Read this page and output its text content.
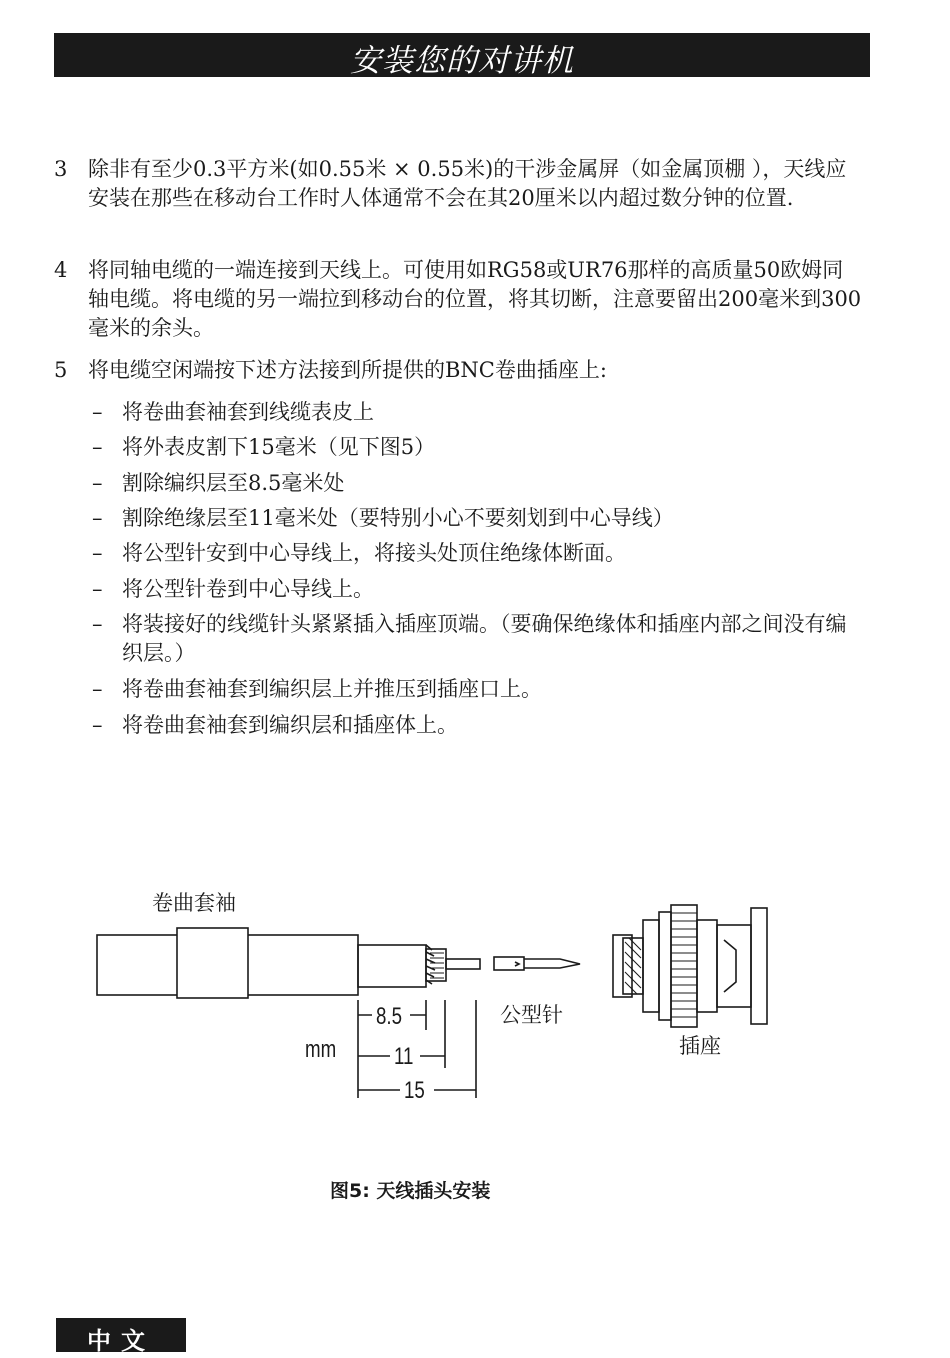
安装您的对讲机
3 除非有至少0.3平方米(如0.55米 × 0.55米)的干涉金属屏（如金属顶棚 ），天线应安装在那些在移动台工作时人体通常不会在其20厘米以内超过数分钟的位置.
4 将同轴电缆的一端连接到天线上。可使用如RG58或UR76那样的高质量50欧姆同轴电缆。将电缆的另一端拉到移动台的位置，将其切断，注意要留出200毫米到300毫米的余头。
5 将电缆空闲端按下述方法接到所提供的BNC卷曲插座上:
– 将卷曲套袖套到线缆表皮上
– 将外表皮割下15毫米（见下图5）
– 割除编织层至8.5毫米处
– 割除绝缘层至11毫米处（要特别小心不要刻划到中心导线）
– 将公型针安到中心导线上，将接头处顶住绝缘体断面。
– 将公型针卷到中心导线上。
– 将装接好的线缆针头紧紧插入插座顶端。（要确保绝缘体和插座内部之间没有编织层。）
– 将卷曲套袖套到编织层上并推压到插座口上。
– 将卷曲套袖套到编织层和插座体上。
卷曲套袖
公型针
插座
mm
8.5
11
15
图5: 天线插头安装
中文
